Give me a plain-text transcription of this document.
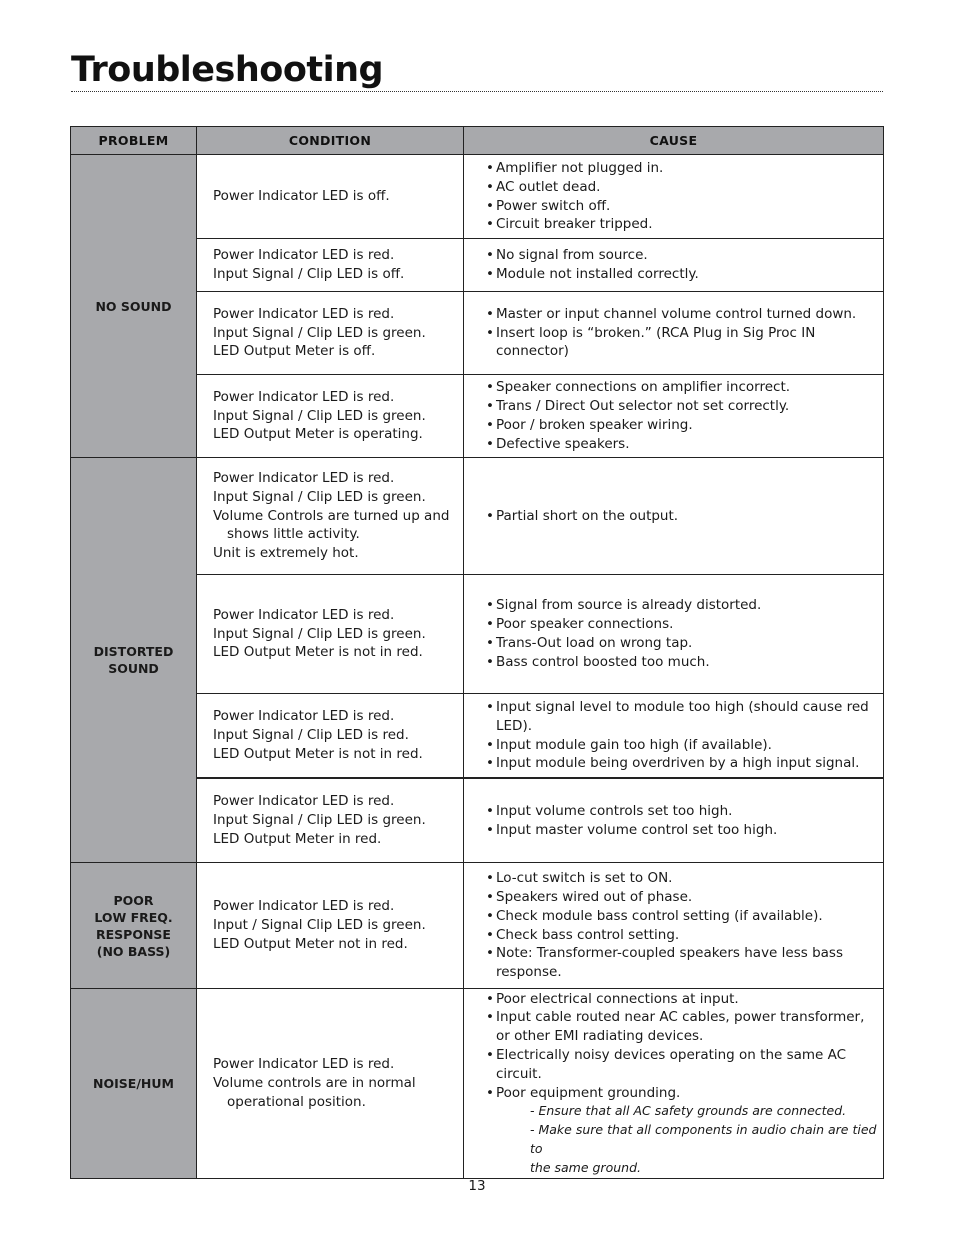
Troubleshooting
PROBLEM	CONDITION	CAUSE
NO SOUND
DISTORTED
SOUND
POOR
LOW FREQ.
RESPONSE
(NO BASS)
NOISE/HUM
Power Indicator LED is off.
• Amplifier not plugged in.
• AC outlet dead.
• Power switch off.
• Circuit breaker tripped.
Power Indicator LED is red.
Input Signal / Clip LED is off.
• No signal from source.
• Module not installed correctly.
Power Indicator LED is red.
Input Signal / Clip LED is green.
LED Output Meter is off.
• Master or input channel volume control turned down.
• Insert loop is “broken.” (RCA Plug in Sig Proc IN connector)
Power Indicator LED is red.
Input Signal / Clip LED is green.
LED Output Meter is operating.
• Speaker connections on amplifier incorrect.
• Trans / Direct Out selector not set correctly.
• Poor / broken speaker wiring.
• Defective speakers.
Power Indicator LED is red.
Input Signal / Clip LED is green.
Volume Controls are turned up and
shows little activity.
Unit is extremely hot.
• Partial short on the output.
Power Indicator LED is red.
Input Signal / Clip LED is green.
LED Output Meter is not in red.
• Signal from source is already distorted.
• Poor speaker connections.
• Trans-Out load on wrong tap.
• Bass control boosted too much.
Power Indicator LED is red.
Input Signal / Clip LED is red.
LED Output Meter is not in red.
• Input signal level to module too high (should cause red LED).
• Input module gain too high (if available).
• Input module being overdriven by a high input signal.
Power Indicator LED is red.
Input Signal / Clip LED is green.
LED Output Meter in red.
• Input volume controls set too high.
• Input master volume control set too high.
Power Indicator LED is red.
Input / Signal Clip LED is green.
LED Output Meter not in red.
• Lo-cut switch is set to ON.
• Speakers wired out of phase.
• Check module bass control setting (if available).
• Check bass control setting.
• Note: Transformer-coupled speakers have less bass response.
Power Indicator LED is red.
Volume controls are in normal
operational position.
• Poor electrical connections at input.
• Input cable routed near AC cables, power transformer, or other EMI radiating devices.
• Electrically noisy devices operating on the same AC circuit.
• Poor equipment grounding.
- Ensure that all AC safety grounds are connected.
- Make sure that all components in audio chain are tied to
the same ground.
13
